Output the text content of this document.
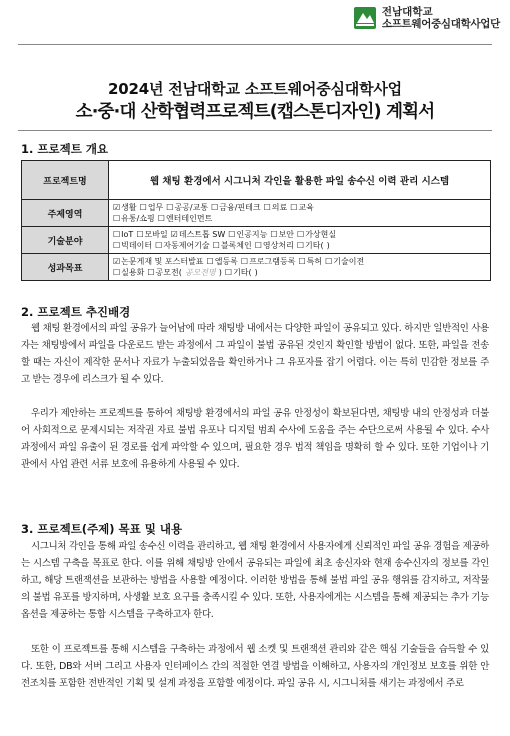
전남대학교
소프트웨어중심대학사업단
2024년 전남대학교 소프트웨어중심대학사업
소·중·대 산학협력프로젝트(캡스톤디자인) 계획서
1. 프로젝트 개요
프로젝트명	웹 채팅 환경에서 시그니처 각인을 활용한 파일 송수신 이력 관리 시스템
주제영역	☑생활 ☐업무 ☐공공/교통 ☐금융/핀테크 ☐의료 ☐교육
☐유통/쇼핑 ☐엔터테인먼트

기술분야	☐IoT ☐모바일 ☑데스트톱 SW ☐인공지능 ☐보안 ☐가상현실
☐빅데이터 ☐자동제어기술 ☐블록체인 ☐영상처리 ☐기타( )

성과목표	☑논문게재 및 포스터발표 ☐앱등록 ☐프로그램등록 ☐특허 ☐기술이전
☐실용화 ☐공모전( 공모전명 ) ☐기타( )
2. 프로젝트 추진배경

웹 채팅 환경에서의 파일 공유가 늘어남에 따라 채팅방 내에서는 다양한 파일이 공유되고 있다. 하지만 일반적인 사용자는 채팅방에서 파일을 다운로드 받는 과정에서 그 파일이 불법 공유된 것인지 확인할 방법이 없다. 또한, 파일을 전송할 때는 자신이 제작한 문서나 자료가 누출되었음을 확인하거나 그 유포자를 잡기 어렵다. 이는 특히 민감한 정보를 주고 받는 경우에 리스크가 될 수 있다.

우리가 제안하는 프로젝트를 통하여 채팅방 환경에서의 파일 공유 안정성이 확보된다면, 채팅방 내의 안정성과 더불어 사회적으로 문제시되는 저작권 자료 불법 유포나 디지털 범죄 수사에 도움을 주는 수단으로써 사용될 수 있다. 수사 과정에서 파일 유출이 된 경로를 쉽게 파악할 수 있으며, 필요한 경우 법적 책임을 명확히 할 수 있다. 또한 기업이나 기관에서 사업 관련 서류 보호에 유용하게 사용될 수 있다.

3. 프로젝트(주제) 목표 및 내용

시그니처 각인을 통해 파일 송수신 이력을 관리하고, 웹 채팅 환경에서 사용자에게 신뢰적인 파일 공유 경험을 제공하는 시스템 구축을 목표로 한다. 이를 위해 채팅방 안에서 공유되는 파일에 최초 송신자와 현재 송수신자의 정보를 각인하고, 해당 트랜잭션을 보관하는 방법을 사용할 예정이다. 이러한 방법을 통해 불법 파일 공유 행위를 감지하고, 저작물의 불법 유포를 방지하며, 사생활 보호 요구를 충족시킬 수 있다. 또한, 사용자에게는 시스템을 통해 제공되는 추가 기능 옵션을 제공하는 통합 시스템을 구축하고자 한다.

또한 이 프로젝트를 통해 시스템을 구축하는 과정에서 웹 소켓 및 트랜잭션 관리와 같은 핵심 기술들을 습득할 수 있다. 또한, DB와 서버 그리고 사용자 인터페이스 간의 적절한 연결 방법을 이해하고, 사용자의 개인정보 보호를 위한 안전조치를 포함한 전반적인 기획 및 설계 과정을 포함할 예정이다. 파일 공유 시, 시그니처를 새기는 과정에서 주로
